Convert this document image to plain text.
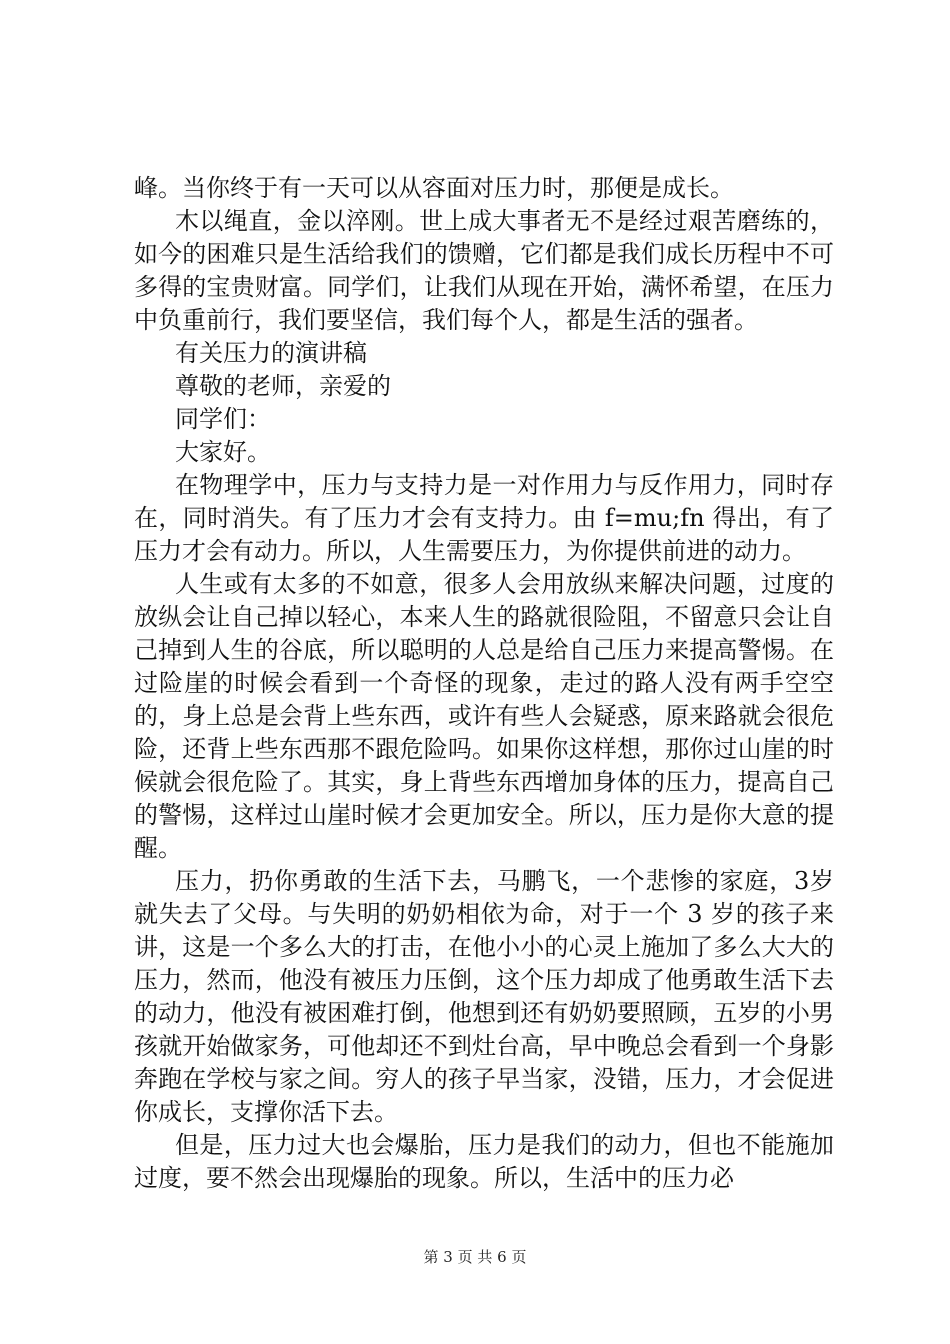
峰。当你终于有一天可以从容面对压力时，那便是成长。

木以绳直，金以淬刚。世上成大事者无不是经过艰苦磨练的，如今的困难只是生活给我们的馈赠，它们都是我们成长历程中不可多得的宝贵财富。同学们，让我们从现在开始，满怀希望，在压力中负重前行，我们要坚信，我们每个人，都是生活的强者。

有关压力的演讲稿

尊敬的老师，亲爱的

同学们：

大家好。

在物理学中，压力与支持力是一对作用力与反作用力，同时存在，同时消失。有了压力才会有支持力。由 f=mu;fn 得出，有了压力才会有动力。所以，人生需要压力，为你提供前进的动力。

人生或有太多的不如意，很多人会用放纵来解决问题，过度的放纵会让自己掉以轻心，本来人生的路就很险阻，不留意只会让自己掉到人生的谷底，所以聪明的人总是给自己压力来提高警惕。在过险崖的时候会看到一个奇怪的现象，走过的路人没有两手空空的，身上总是会背上些东西，或许有些人会疑惑，原来路就会很危险，还背上些东西那不跟危险吗。如果你这样想，那你过山崖的时候就会很危险了。其实，身上背些东西增加身体的压力，提高自己的警惕，这样过山崖时候才会更加安全。所以，压力是你大意的提醒。

压力，扔你勇敢的生活下去，马鹏飞，一个悲惨的家庭，3岁就失去了父母。与失明的奶奶相依为命，对于一个 3 岁的孩子来讲，这是一个多么大的打击，在他小小的心灵上施加了多么大大的压力，然而，他没有被压力压倒，这个压力却成了他勇敢生活下去的动力，他没有被困难打倒，他想到还有奶奶要照顾，五岁的小男孩就开始做家务，可他却还不到灶台高，早中晚总会看到一个身影奔跑在学校与家之间。穷人的孩子早当家，没错，压力，才会促进你成长，支撑你活下去。

但是，压力过大也会爆胎，压力是我们的动力，但也不能施加过度，要不然会出现爆胎的现象。所以，生活中的压力必

第 3 页 共 6 页
